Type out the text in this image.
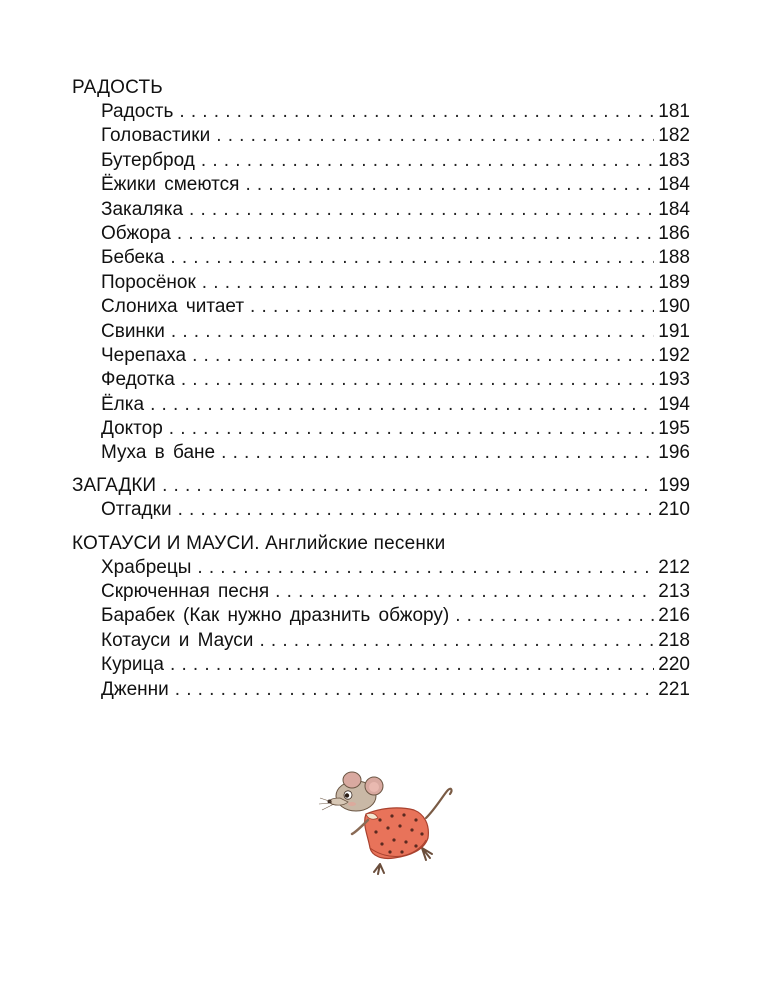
РАДОСТЬ
Радость . . .	181
Головастики . . .	182
Бутерброд . . .	183
Ёжики смеются . . .	184
Закаляка . . .	184
Обжора . . .	186
Бебека . . .	188
Поросёнок . . .	189
Слониха читает . . .	190
Свинки . . .	191
Черепаха . . .	192
Федотка . . .	193
Ёлка . . .	194
Доктор . . .	195
Муха в бане . . .	196
ЗАГАДКИ . . .	199
Отгадки . . .	210
КОТАУСИ И МАУСИ. Английские песенки
Храбрецы . . .	212
Скрюченная песня . . .	213
Барабек (Как нужно дразнить обжору) . . .	216
Котауси и Мауси . . .	218
Курица . . .	220
Дженни . . .	221
